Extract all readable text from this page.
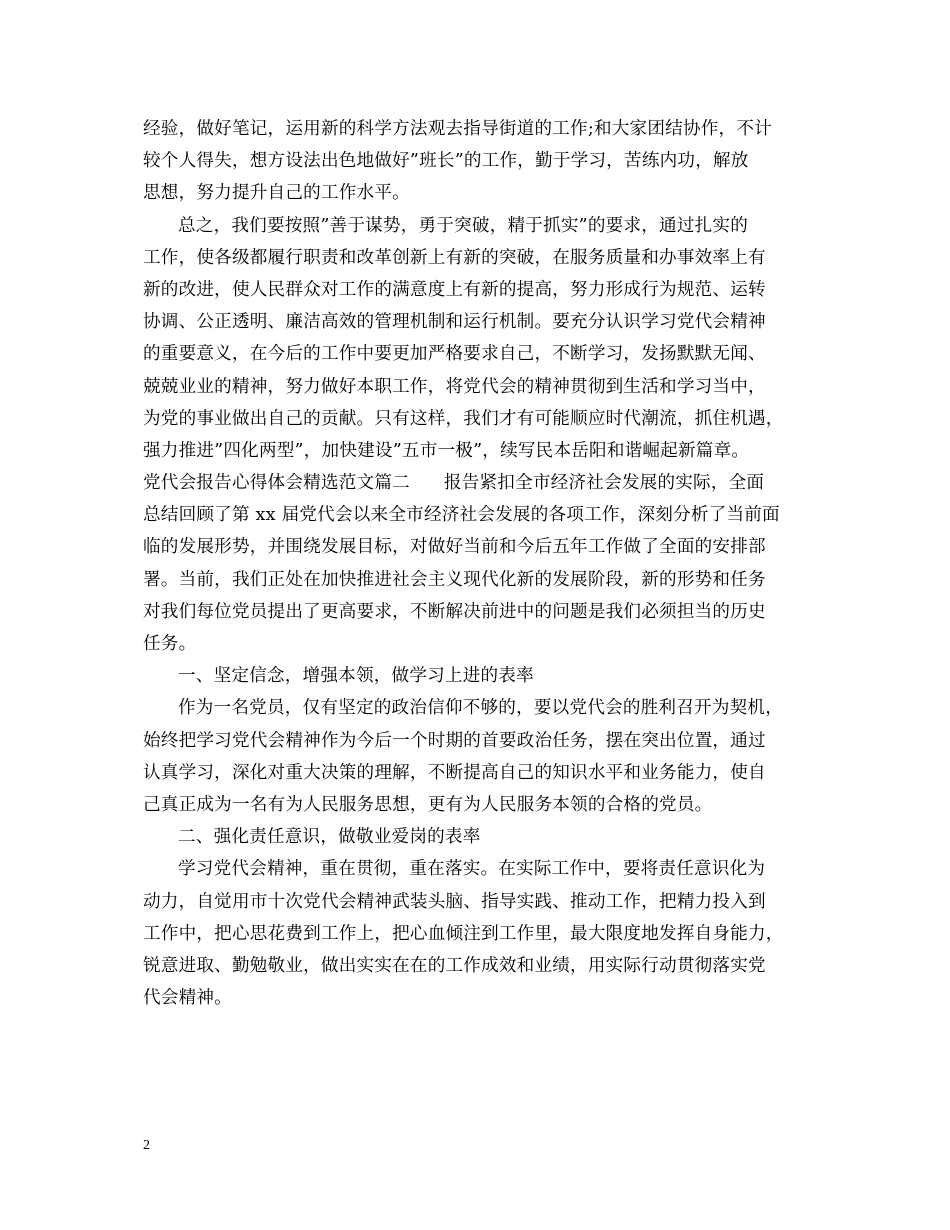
经验，做好笔记，运用新的科学方法观去指导街道的工作;和大家团结协作，不计
较个人得失，想方设法出色地做好”班长”的工作，勤于学习，苦练内功，解放
思想，努力提升自己的工作水平。
总之，我们要按照”善于谋势，勇于突破，精于抓实”的要求，通过扎实的
工作，使各级都履行职责和改革创新上有新的突破，在服务质量和办事效率上有
新的改进，使人民群众对工作的满意度上有新的提高，努力形成行为规范、运转
协调、公正透明、廉洁高效的管理机制和运行机制。要充分认识学习党代会精神
的重要意义，在今后的工作中要更加严格要求自己，不断学习，发扬默默无闻、
兢兢业业的精神，努力做好本职工作，将党代会的精神贯彻到生活和学习当中，
为党的事业做出自己的贡献。只有这样，我们才有可能顺应时代潮流，抓住机遇，
强力推进”四化两型”，加快建设”五市一极”，续写民本岳阳和谐崛起新篇章。
党代会报告心得体会精选范文篇二 报告紧扣全市经济社会发展的实际，全面
总结回顾了第 xx 届党代会以来全市经济社会发展的各项工作，深刻分析了当前面
临的发展形势，并围绕发展目标，对做好当前和今后五年工作做了全面的安排部
署。当前，我们正处在加快推进社会主义现代化新的发展阶段，新的形势和任务
对我们每位党员提出了更高要求，不断解决前进中的问题是我们必须担当的历史
任务。
一、坚定信念，增强本领，做学习上进的表率
作为一名党员，仅有坚定的政治信仰不够的，要以党代会的胜利召开为契机，
始终把学习党代会精神作为今后一个时期的首要政治任务，摆在突出位置，通过
认真学习，深化对重大决策的理解，不断提高自己的知识水平和业务能力，使自
己真正成为一名有为人民服务思想，更有为人民服务本领的合格的党员。
二、强化责任意识，做敬业爱岗的表率
学习党代会精神，重在贯彻，重在落实。在实际工作中，要将责任意识化为
动力，自觉用市十次党代会精神武装头脑、指导实践、推动工作，把精力投入到
工作中，把心思花费到工作上，把心血倾注到工作里，最大限度地发挥自身能力，
锐意进取、勤勉敬业，做出实实在在的工作成效和业绩，用实际行动贯彻落实党
代会精神。
2
